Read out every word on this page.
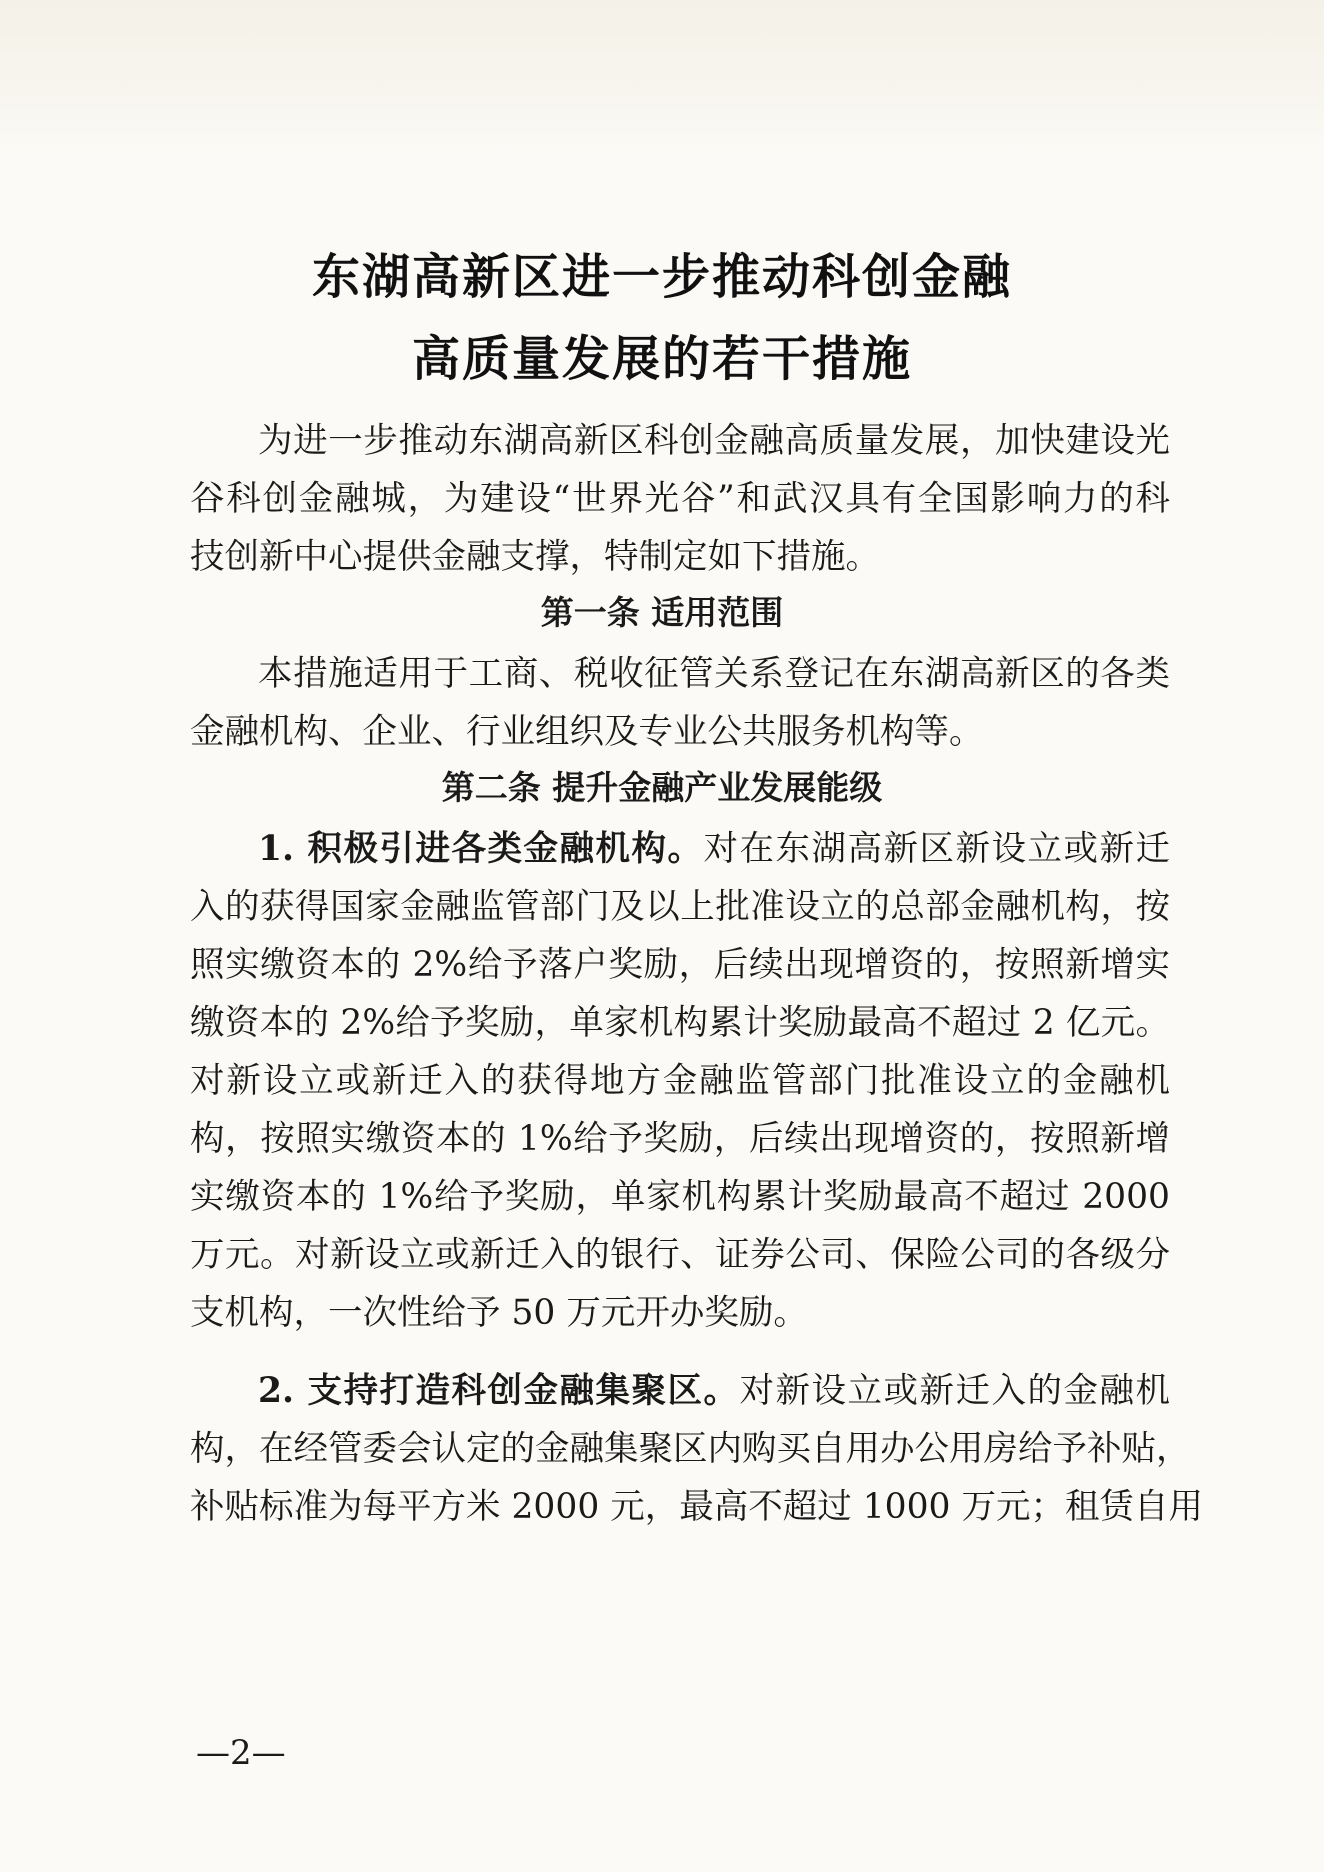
东湖高新区进一步推动科创金融
高质量发展的若干措施
为进一步推动东湖高新区科创金融高质量发展，加快建设光
谷科创金融城，为建设“世界光谷”和武汉具有全国影响力的科
技创新中心提供金融支撑，特制定如下措施。
第一条 适用范围
本措施适用于工商、税收征管关系登记在东湖高新区的各类
金融机构、企业、行业组织及专业公共服务机构等。
第二条 提升金融产业发展能级
1. 积极引进各类金融机构。对在东湖高新区新设立或新迁
入的获得国家金融监管部门及以上批准设立的总部金融机构，按
照实缴资本的 2%给予落户奖励，后续出现增资的，按照新增实
缴资本的 2%给予奖励，单家机构累计奖励最高不超过 2 亿元。
对新设立或新迁入的获得地方金融监管部门批准设立的金融机
构，按照实缴资本的 1%给予奖励，后续出现增资的，按照新增
实缴资本的 1%给予奖励，单家机构累计奖励最高不超过 2000
万元。对新设立或新迁入的银行、证券公司、保险公司的各级分
支机构，一次性给予 50 万元开办奖励。
2. 支持打造科创金融集聚区。对新设立或新迁入的金融机
构，在经管委会认定的金融集聚区内购买自用办公用房给予补贴，
补贴标准为每平方米 2000 元，最高不超过 1000 万元；租赁自用
—2—
